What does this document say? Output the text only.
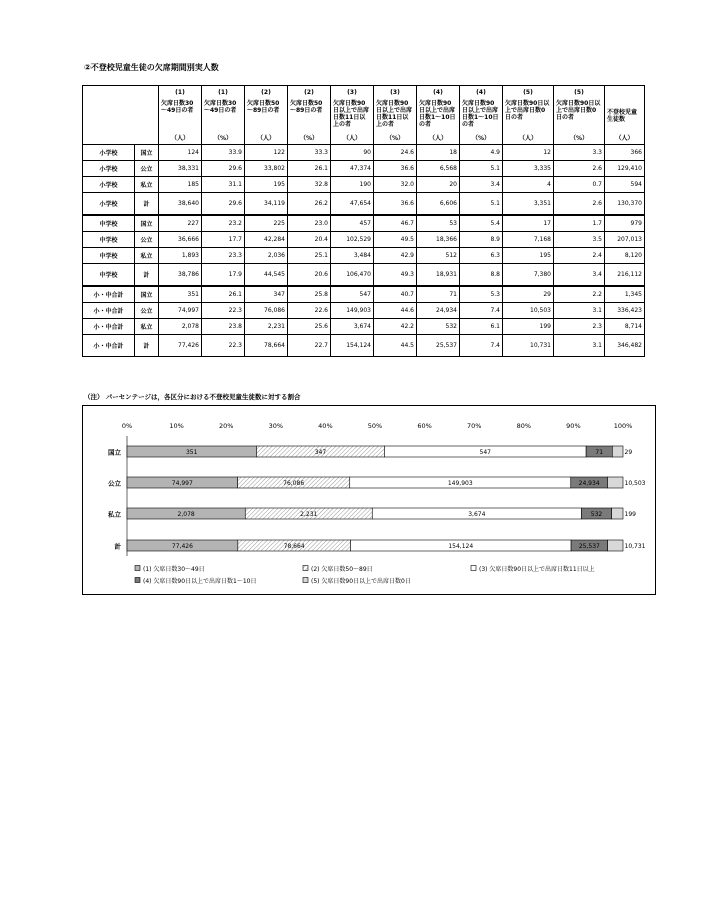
②不登校児童生徒の欠席期間別実人数
		(1)	(1)	(2)	(2)	(3)	(3)	(4)	(4)	(5)	(5)	
		欠席日数30～49日の者	欠席日数30～49日の者	欠席日数50～89日の者	欠席日数50～89日の者	欠席日数90日以上で出席日数11日以上の者	欠席日数90日以上で出席日数11日以上の者	欠席日数90日以上で出席日数1～10日の者	欠席日数90日以上で出席日数1～10日の者	欠席日数90日以上で出席日数0日の者	欠席日数90日以上で出席日数0日の者	不登校児童生徒数
		（人）	（%）	（人）	（%）	（人）	（%）	（人）	（%）	（人）	（%）	（人）
小学校	国立	124	33.9	122	33.3	90	24.6	18	4.9	12	3.3	366
小学校	公立	38,331	29.6	33,802	26.1	47,374	36.6	6,568	5.1	3,335	2.6	129,410
小学校	私立	185	31.1	195	32.8	190	32.0	20	3.4	4	0.7	594
小学校	計	38,640	29.6	34,119	26.2	47,654	36.6	6,606	5.1	3,351	2.6	130,370
中学校	国立	227	23.2	225	23.0	457	46.7	53	5.4	17	1.7	979
中学校	公立	36,666	17.7	42,284	20.4	102,529	49.5	18,366	8.9	7,168	3.5	207,013
中学校	私立	1,893	23.3	2,036	25.1	3,484	42.9	512	6.3	195	2.4	8,120
中学校	計	38,786	17.9	44,545	20.6	106,470	49.3	18,931	8.8	7,380	3.4	216,112
小・中合計	国立	351	26.1	347	25.8	547	40.7	71	5.3	29	2.2	1,345
小・中合計	公立	74,997	22.3	76,086	22.6	149,903	44.6	24,934	7.4	10,503	3.1	336,423
小・中合計	私立	2,078	23.8	2,231	25.6	3,674	42.2	532	6.1	199	2.3	8,714
小・中合計	計	77,426	22.3	78,664	22.7	154,124	44.5	25,537	7.4	10,731	3.1	346,482
（注） パーセンテージは，各区分における不登校児童生徒数に対する割合
0%	10%	20%	30%	40%	50%	60%	70%	80%	90%	100%
国立	351	347	547	71	29
公立	74,997	76,086	149,903	24,934	10,503
私立	2,078	2,231	3,674	532	199
計	77,426	78,664	154,124	25,537	10,731
(1) 欠席日数30～49日	(2) 欠席日数50～89日	(3) 欠席日数90日以上で出席日数11日以上
(4) 欠席日数90日以上で出席日数1～10日	(5) 欠席日数90日以上で出席日数0日
